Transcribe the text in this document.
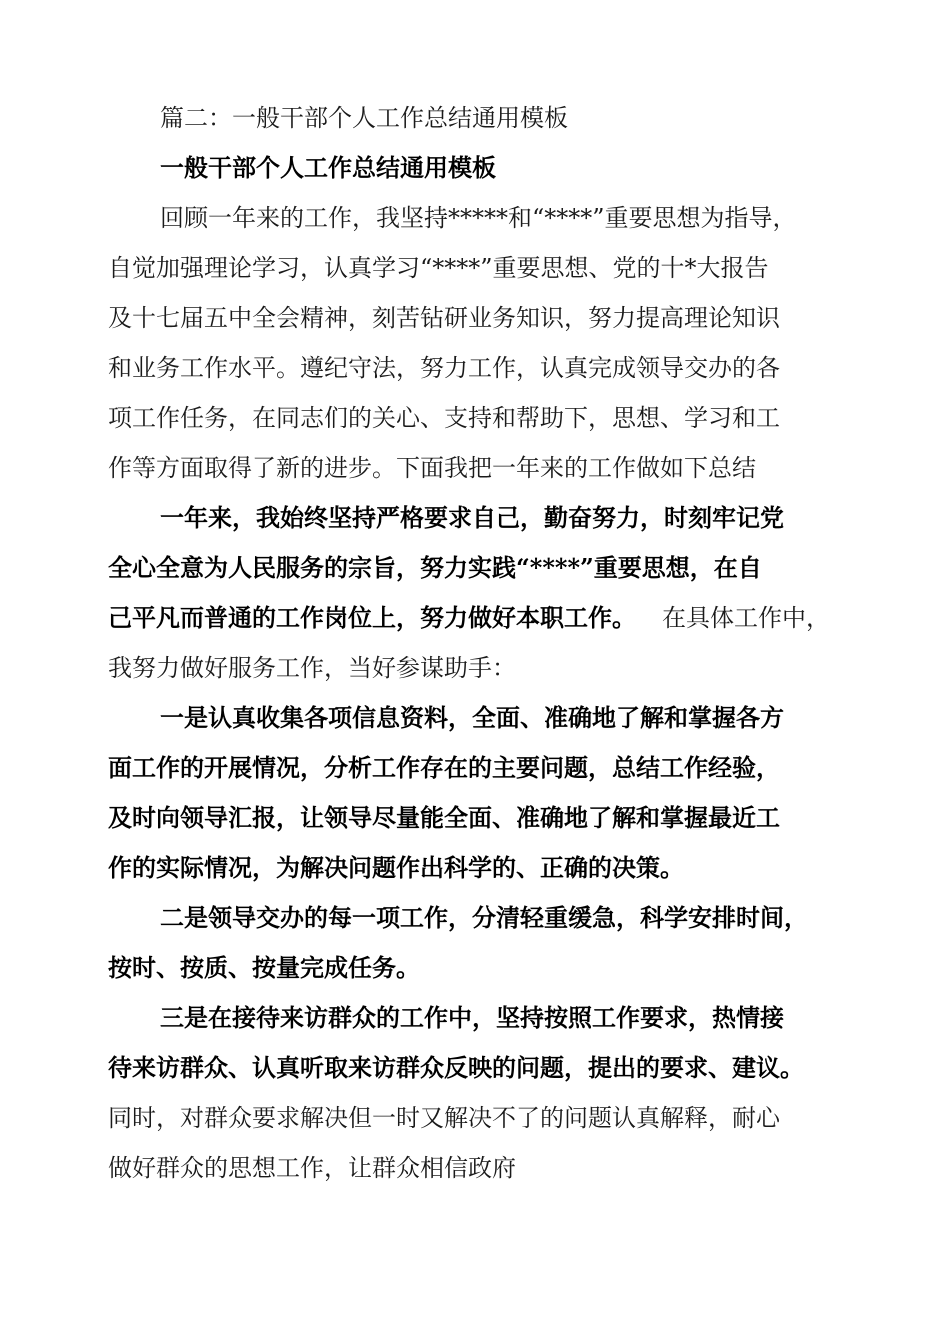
篇二：一般干部个人工作总结通用模板

一般干部个人工作总结通用模板

回顾一年来的工作，我坚持*****和“****”重要思想为指导，

自觉加强理论学习，认真学习“****”重要思想、党的十*大报告

及十七届五中全会精神，刻苦钻研业务知识，努力提高理论知识

和业务工作水平。遵纪守法，努力工作，认真完成领导交办的各

项工作任务，在同志们的关心、支持和帮助下，思想、学习和工

作等方面取得了新的进步。下面我把一年来的工作做如下总结

一年来，我始终坚持严格要求自己，勤奋努力，时刻牢记党

全心全意为人民服务的宗旨，努力实践“****”重要思想，在自

己平凡而普通的工作岗位上，努力做好本职工作。 在具体工作中，

我努力做好服务工作，当好参谋助手：

一是认真收集各项信息资料，全面、准确地了解和掌握各方

面工作的开展情况，分析工作存在的主要问题，总结工作经验，

及时向领导汇报，让领导尽量能全面、准确地了解和掌握最近工

作的实际情况，为解决问题作出科学的、正确的决策。

二是领导交办的每一项工作，分清轻重缓急，科学安排时间，

按时、按质、按量完成任务。

三是在接待来访群众的工作中，坚持按照工作要求，热情接

待来访群众、认真听取来访群众反映的问题，提出的要求、建议。

同时，对群众要求解决但一时又解决不了的问题认真解释，耐心

做好群众的思想工作，让群众相信政府
